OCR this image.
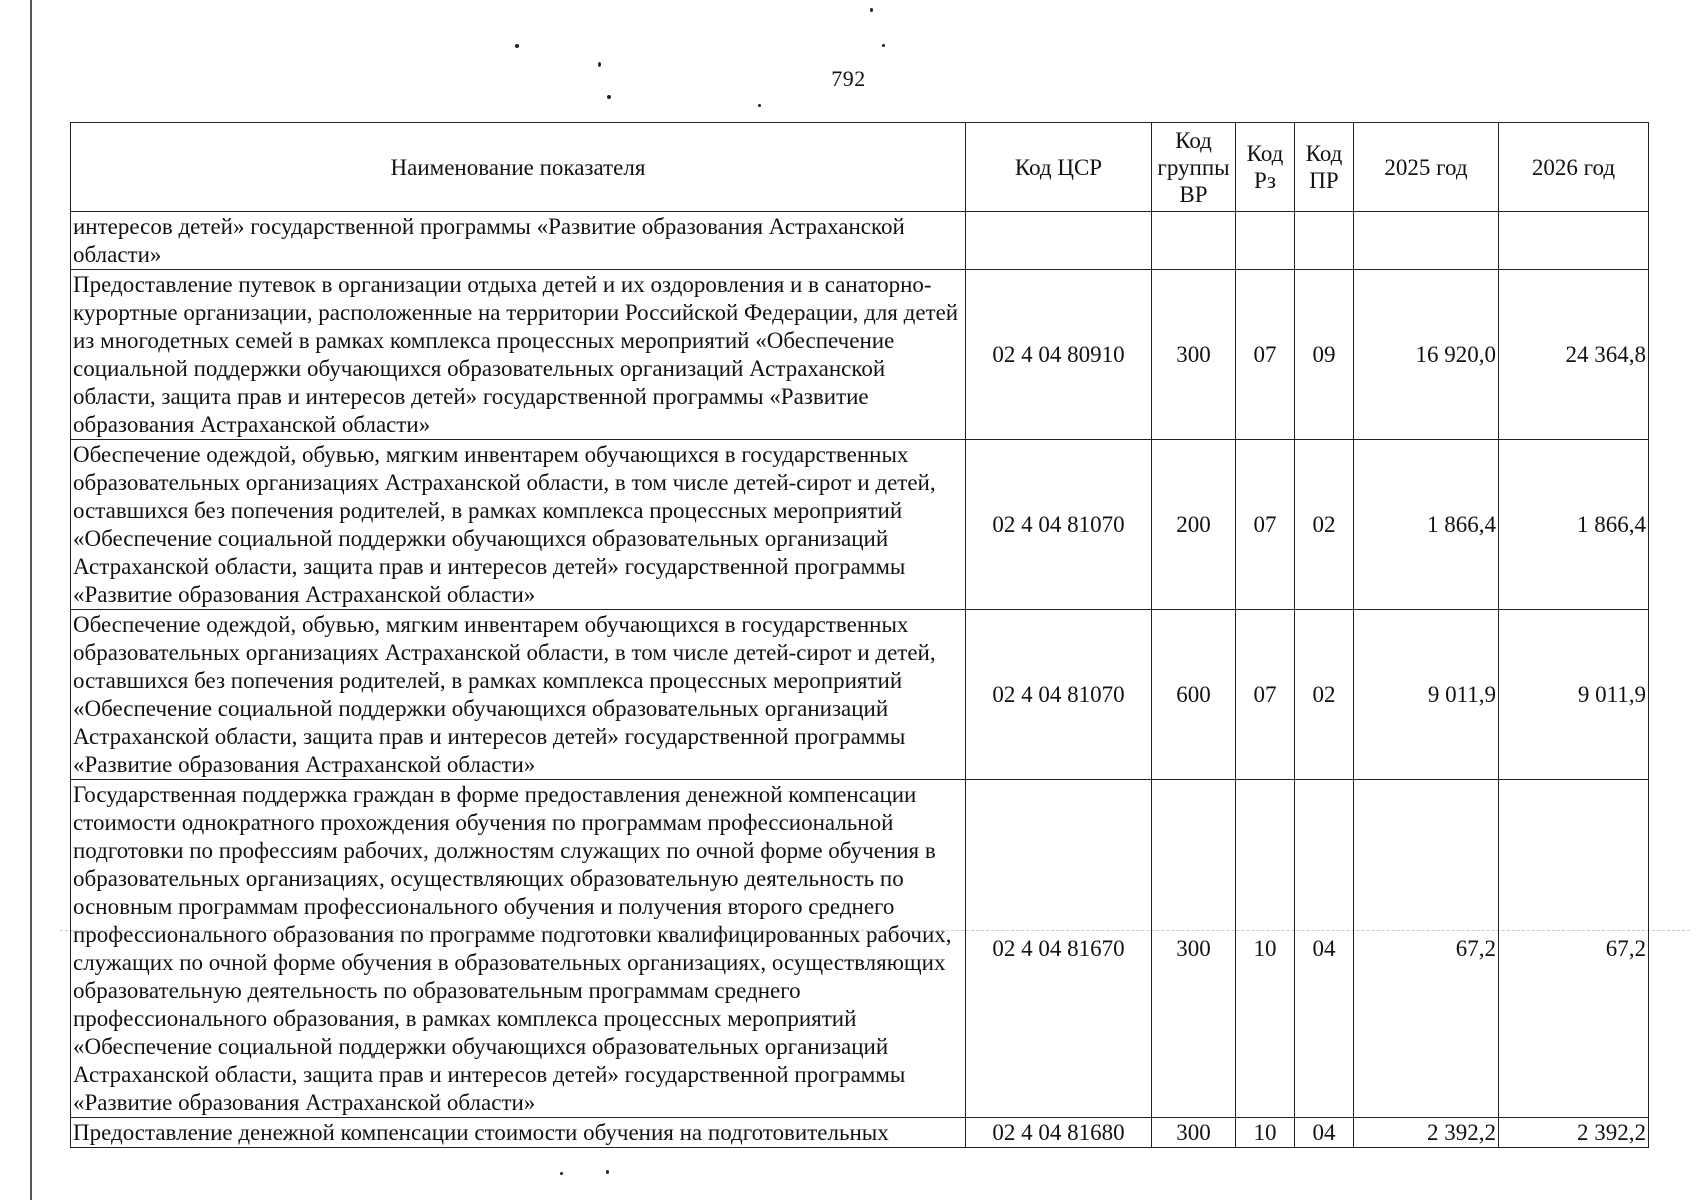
792
Наименование показателя	Код ЦСР	Код группы ВР	Код Рз	Код ПР	2025 год	2026 год
интересов детей» государственной программы «Развитие образования Астраханской области»						
Предоставление путевок в организации отдыха детей и их оздоровления и в санаторно-курортные организации, расположенные на территории Российской Федерации, для детей из многодетных семей в рамках комплекса процессных мероприятий «Обеспечение социальной поддержки обучающихся образовательных организаций Астраханской области, защита прав и интересов детей» государственной программы «Развитие образования Астраханской области»	02 4 04 80910	300	07	09	16 920,0	24 364,8
Обеспечение одеждой, обувью, мягким инвентарем обучающихся в государственных образовательных организациях Астраханской области, в том числе детей-сирот и детей, оставшихся без попечения родителей, в рамках комплекса процессных мероприятий «Обеспечение социальной поддержки обучающихся образовательных организаций Астраханской области, защита прав и интересов детей» государственной программы «Развитие образования Астраханской области»	02 4 04 81070	200	07	02	1 866,4	1 866,4
Обеспечение одеждой, обувью, мягким инвентарем обучающихся в государственных образовательных организациях Астраханской области, в том числе детей-сирот и детей, оставшихся без попечения родителей, в рамках комплекса процессных мероприятий «Обеспечение социальной поддержки обучающихся образовательных организаций Астраханской области, защита прав и интересов детей» государственной программы «Развитие образования Астраханской области»	02 4 04 81070	600	07	02	9 011,9	9 011,9
Государственная поддержка граждан в форме предоставления денежной компенсации стоимости однократного прохождения обучения по программам профессиональной подготовки по профессиям рабочих, должностям служащих по очной форме обучения в образовательных организациях, осуществляющих образовательную деятельность по основным программам профессионального обучения и получения второго среднего профессионального образования по программе подготовки квалифицированных рабочих, служащих по очной форме обучения в образовательных организациях, осуществляющих образовательную деятельность по образовательным программам среднего профессионального образования, в рамках комплекса процессных мероприятий «Обеспечение социальной поддержки обучающихся образовательных организаций Астраханской области, защита прав и интересов детей» государственной программы «Развитие образования Астраханской области»	02 4 04 81670	300	10	04	67,2	67,2
Предоставление денежной компенсации стоимости обучения на подготовительных	02 4 04 81680	300	10	04	2 392,2	2 392,2
